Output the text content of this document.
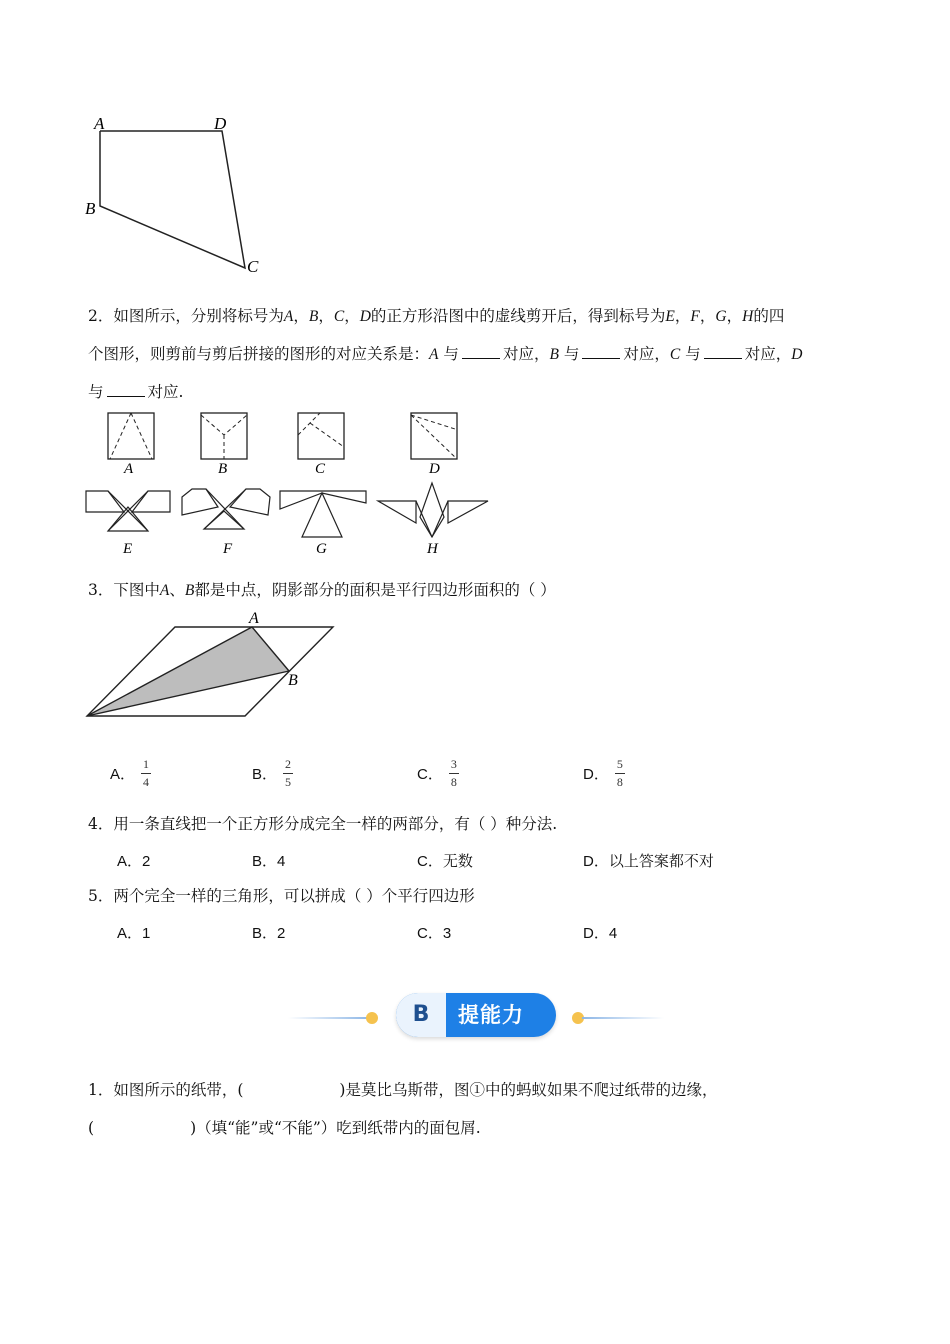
A	D
B
C
2．如图所示，分别将标号为A，B，C，D的正方形沿图中的虚线剪开后，得到标号为E，F，G，H的四
个图形，则剪前与剪后拼接的图形的对应关系是：A 与	对应，B 与	对应，C 与	对应，D
与	对应.
A	B	C	D
E	F	G	H
3．下图中A、B都是中点，阴影部分的面积是平行四边形面积的（ ）
A
B
A． $\frac{1}{4}$	B． $\frac{2}{5}$	C． $\frac{3}{8}$	D． $\frac{5}{8}$
4．用一条直线把一个正方形分成完全一样的两部分，有（ ）种分法.
A．2	B．4	C．无数	D．以上答案都不对
5．两个完全一样的三角形，可以拼成（ ）个平行四边形
A．1	B．2	C．3	D．4
B	提能力
1．如图所示的纸带，(	)是莫比乌斯带，图①中的蚂蚁如果不爬过纸带的边缘，
(	)（填“能”或“不能”）吃到纸带内的面包屑.
